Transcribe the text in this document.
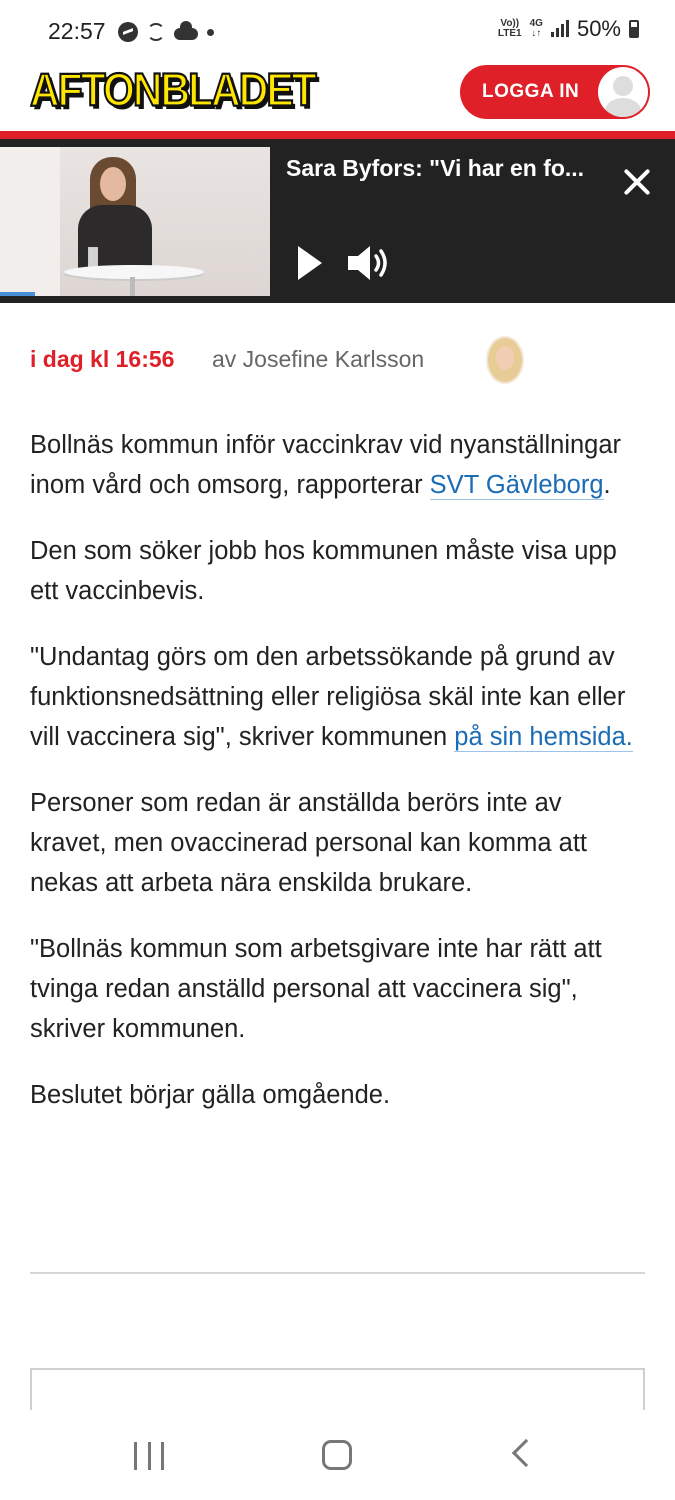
22:57	Vo))
LTE1
4G
↓↑ 50%
AFTONBLADET	LOGGA IN
Sara Byfors: "Vi har en fo...
i dag kl 16:56 av Josefine Karlsson

Bollnäs kommun inför vaccinkrav vid nyanställningar inom vård och omsorg, rapporterar SVT Gävleborg.

Den som söker jobb hos kommunen måste visa upp ett vaccinbevis.

"Undantag görs om den arbetssökande på grund av funktionsnedsättning eller religiösa skäl inte kan eller vill vaccinera sig", skriver kommunen på sin hemsida.

Personer som redan är anställda berörs inte av kravet, men ovaccinerad personal kan komma att nekas att arbeta nära enskilda brukare.

"Bollnäs kommun som arbetsgivare inte har rätt att tvinga redan anställd personal att vaccinera sig", skriver kommunen.

Beslutet börjar gälla omgående.
